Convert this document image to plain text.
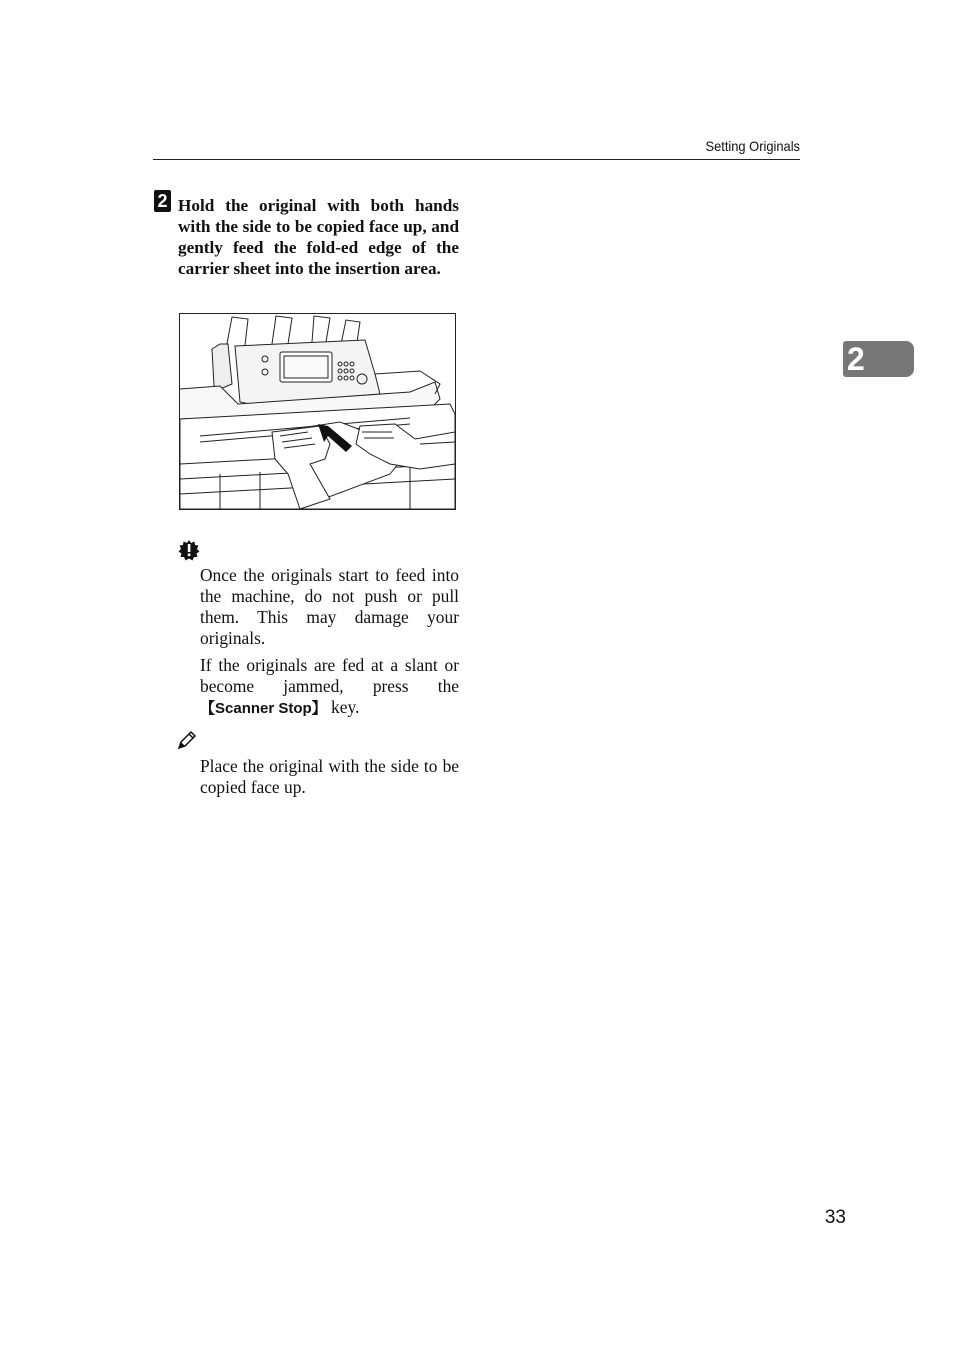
Setting Originals
2
2 Hold the original with both hands with the side to be copied face up, and gently feed the fold-ed edge of the carrier sheet into the insertion area.
Once the originals start to feed into the machine, do not push or pull them. This may damage your originals.
If the originals are fed at a slant or become jammed, press the 【Scanner Stop】 key.
Place the original with the side to be copied face up.
33
